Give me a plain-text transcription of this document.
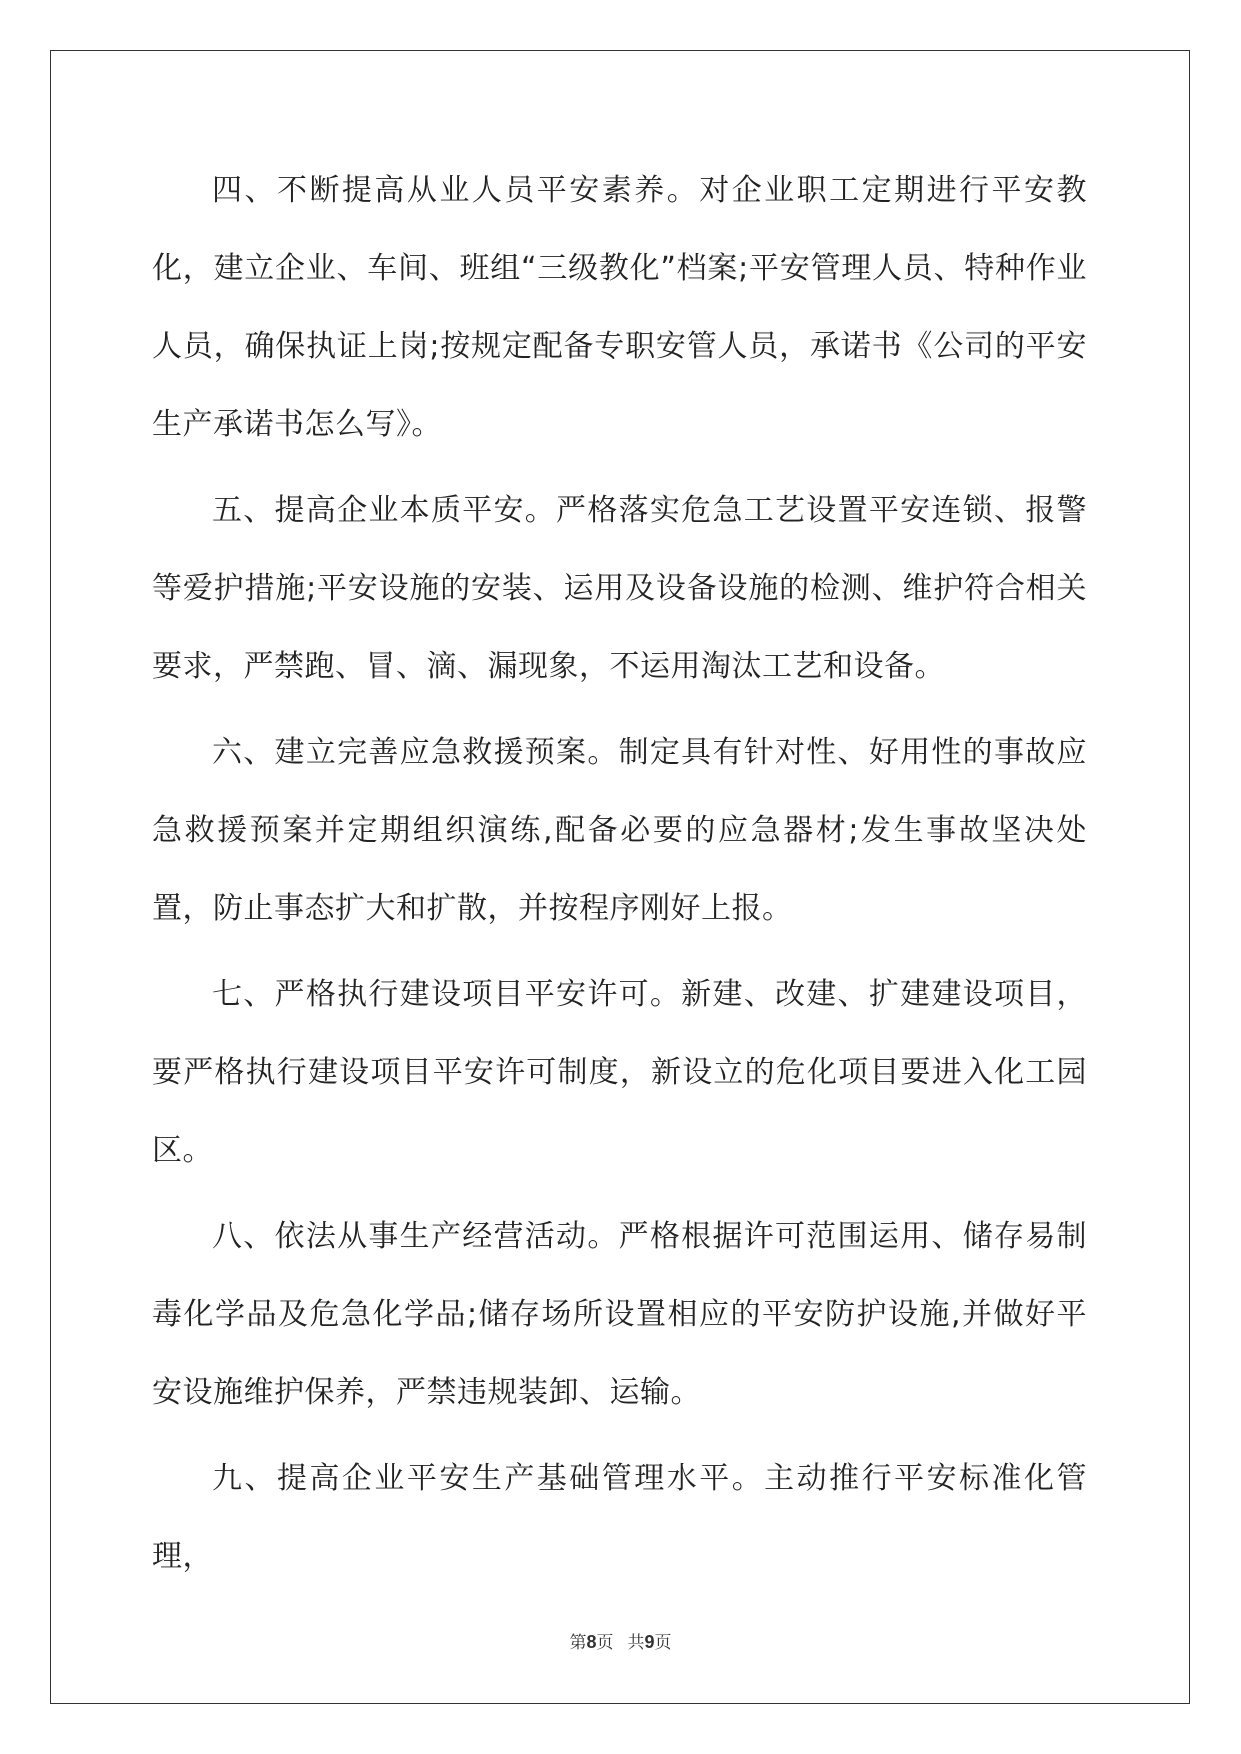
四、不断提高从业人员平安素养。对企业职工定期进行平安教化，建立企业、车间、班组“三级教化”档案;平安管理人员、特种作业人员，确保执证上岗;按规定配备专职安管人员，承诺书《公司的平安生产承诺书怎么写》。

五、提高企业本质平安。严格落实危急工艺设置平安连锁、报警等爱护措施;平安设施的安装、运用及设备设施的检测、维护符合相关要求，严禁跑、冒、滴、漏现象，不运用淘汰工艺和设备。

六、建立完善应急救援预案。制定具有针对性、好用性的事故应急救援预案并定期组织演练,配备必要的应急器材;发生事故坚决处置，防止事态扩大和扩散，并按程序刚好上报。

七、严格执行建设项目平安许可。新建、改建、扩建建设项目，要严格执行建设项目平安许可制度，新设立的危化项目要进入化工园区。

八、依法从事生产经营活动。严格根据许可范围运用、储存易制毒化学品及危急化学品;储存场所设置相应的平安防护设施,并做好平安设施维护保养，严禁违规装卸、运输。

九、提高企业平安生产基础管理水平。主动推行平安标准化管理，

第8页 共9页
